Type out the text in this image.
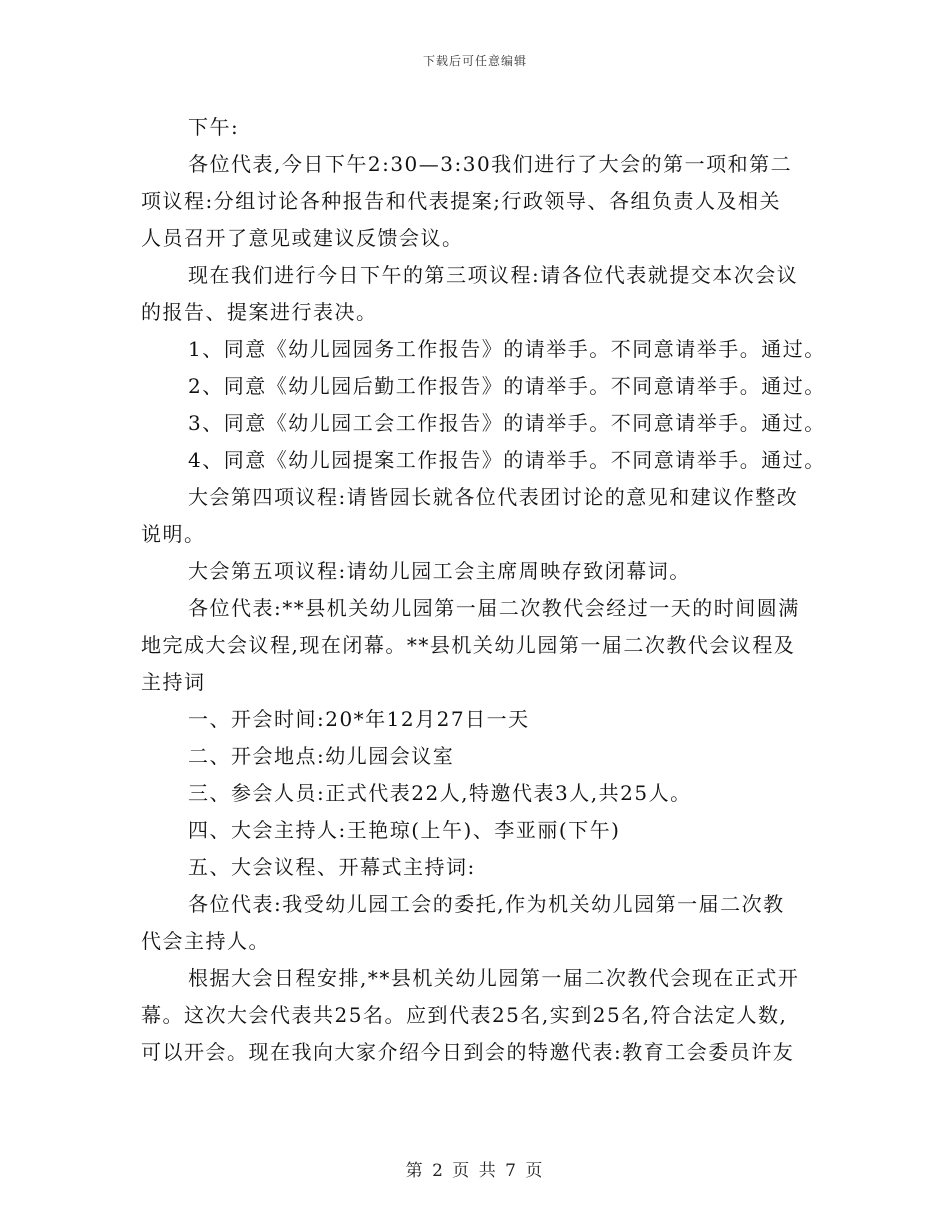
下载后可任意编辑

下午:

各位代表,今日下午2:30—3:30我们进行了大会的第一项和第二
项议程:分组讨论各种报告和代表提案;行政领导、各组负责人及相关
人员召开了意见或建议反馈会议。

现在我们进行今日下午的第三项议程:请各位代表就提交本次会议
的报告、提案进行表决。

1、同意《幼儿园园务工作报告》的请举手。不同意请举手。通过。

2、同意《幼儿园后勤工作报告》的请举手。不同意请举手。通过。

3、同意《幼儿园工会工作报告》的请举手。不同意请举手。通过。

4、同意《幼儿园提案工作报告》的请举手。不同意请举手。通过。

大会第四项议程:请皆园长就各位代表团讨论的意见和建议作整改
说明。

大会第五项议程:请幼儿园工会主席周映存致闭幕词。

各位代表:**县机关幼儿园第一届二次教代会经过一天的时间圆满
地完成大会议程,现在闭幕。**县机关幼儿园第一届二次教代会议程及
主持词

一、开会时间:20*年12月27日一天

二、开会地点:幼儿园会议室

三、参会人员:正式代表22人,特邀代表3人,共25人。

四、大会主持人:王艳琼(上午)、李亚丽(下午)

五、大会议程、开幕式主持词:

各位代表:我受幼儿园工会的委托,作为机关幼儿园第一届二次教
代会主持人。

根据大会日程安排,**县机关幼儿园第一届二次教代会现在正式开
幕。这次大会代表共25名。应到代表25名,实到25名,符合法定人数,
可以开会。现在我向大家介绍今日到会的特邀代表:教育工会委员许友

第 2 页 共 7 页
